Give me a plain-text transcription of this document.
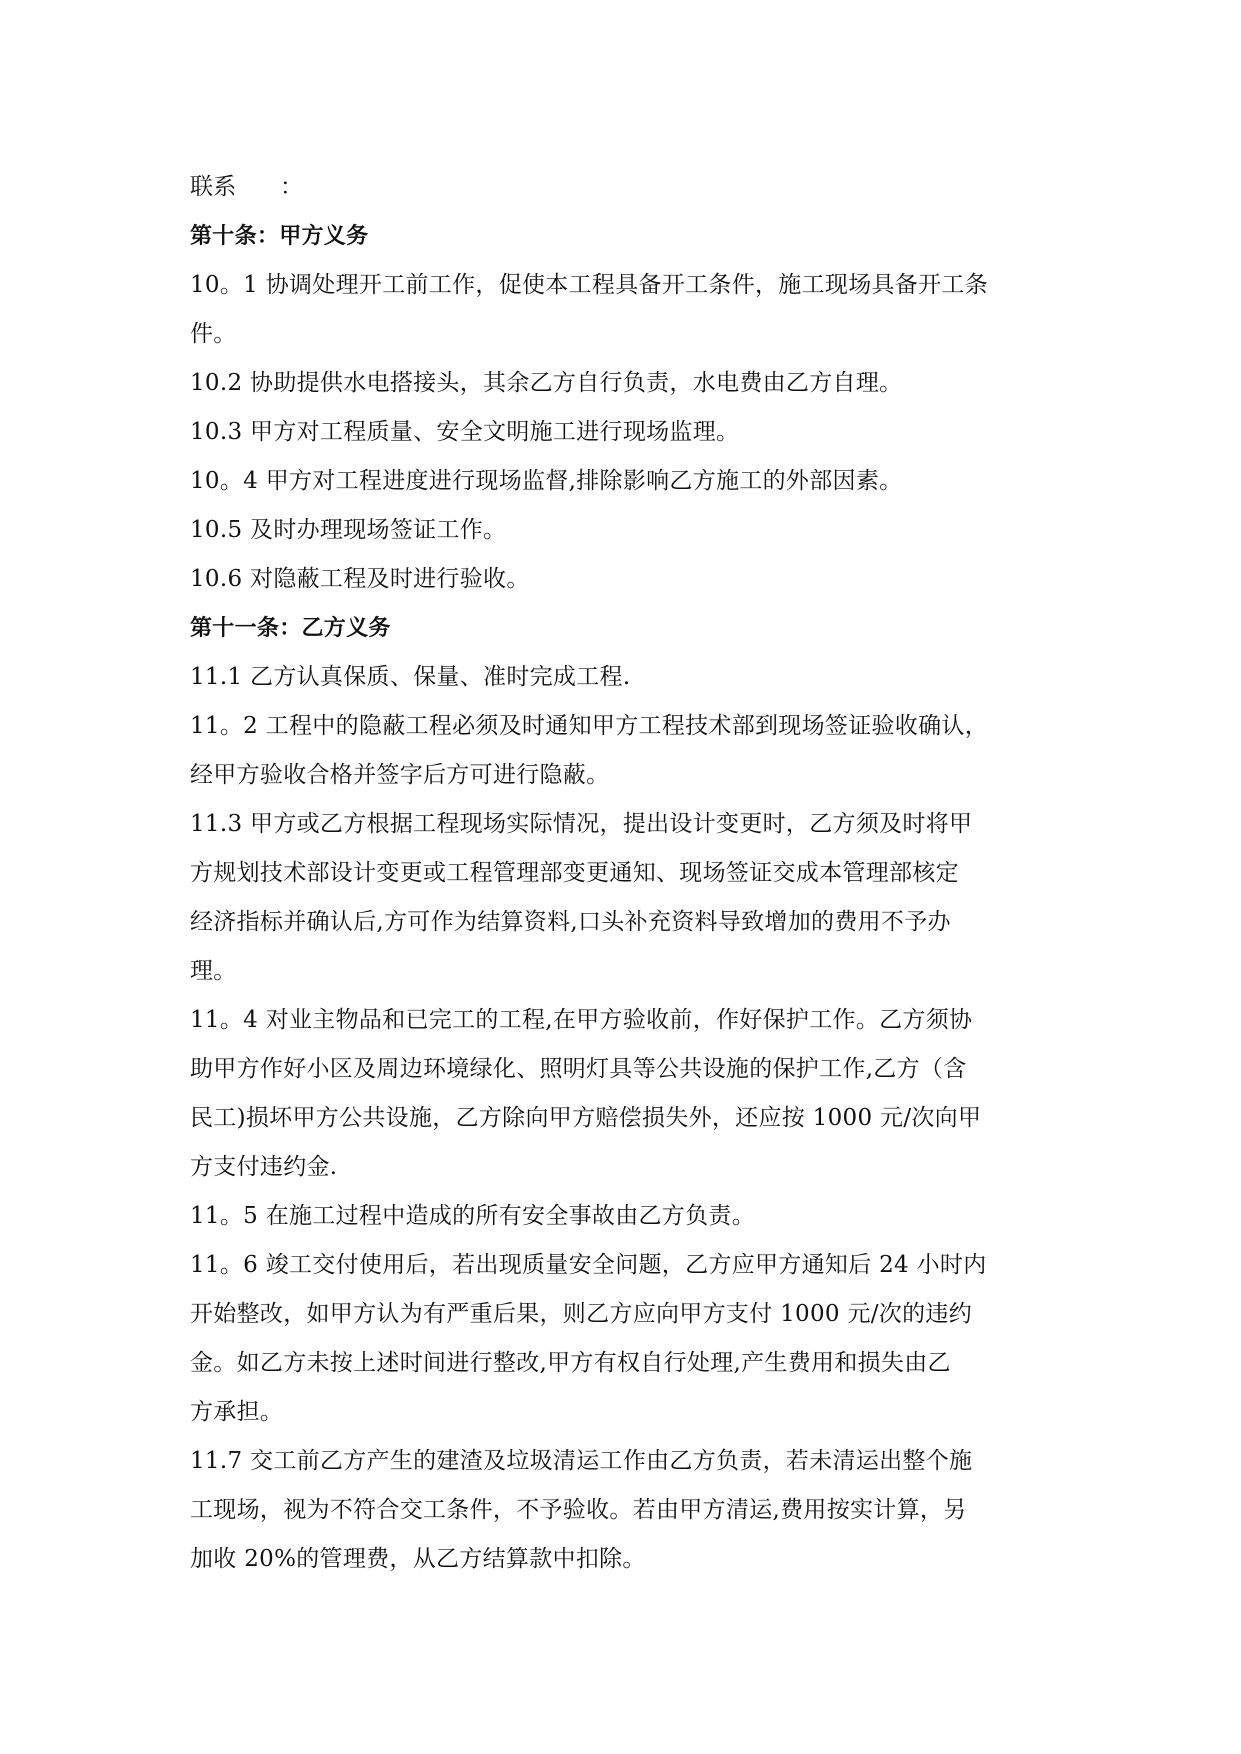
联系 ：
第十条：甲方义务
10。1 协调处理开工前工作，促使本工程具备开工条件，施工现场具备开工条
件。
10.2 协助提供水电搭接头，其余乙方自行负责，水电费由乙方自理。
10.3 甲方对工程质量、安全文明施工进行现场监理。
10。4 甲方对工程进度进行现场监督,排除影响乙方施工的外部因素。
10.5 及时办理现场签证工作。
10.6 对隐蔽工程及时进行验收。
第十一条：乙方义务
11.1 乙方认真保质、保量、准时完成工程.
11。2 工程中的隐蔽工程必须及时通知甲方工程技术部到现场签证验收确认，
经甲方验收合格并签字后方可进行隐蔽。
11.3 甲方或乙方根据工程现场实际情况，提出设计变更时，乙方须及时将甲
方规划技术部设计变更或工程管理部变更通知、现场签证交成本管理部核定
经济指标并确认后,方可作为结算资料,口头补充资料导致增加的费用不予办
理。
11。4 对业主物品和已完工的工程,在甲方验收前，作好保护工作。乙方须协
助甲方作好小区及周边环境绿化、照明灯具等公共设施的保护工作,乙方（含
民工)损坏甲方公共设施，乙方除向甲方赔偿损失外，还应按 1000 元/次向甲
方支付违约金.
11。5 在施工过程中造成的所有安全事故由乙方负责。
11。6 竣工交付使用后，若出现质量安全问题，乙方应甲方通知后 24 小时内
开始整改，如甲方认为有严重后果，则乙方应向甲方支付 1000 元/次的违约
金。如乙方未按上述时间进行整改,甲方有权自行处理,产生费用和损失由乙
方承担。
11.7 交工前乙方产生的建渣及垃圾清运工作由乙方负责，若未清运出整个施
工现场，视为不符合交工条件，不予验收。若由甲方清运,费用按实计算，另
加收 20%的管理费，从乙方结算款中扣除。
